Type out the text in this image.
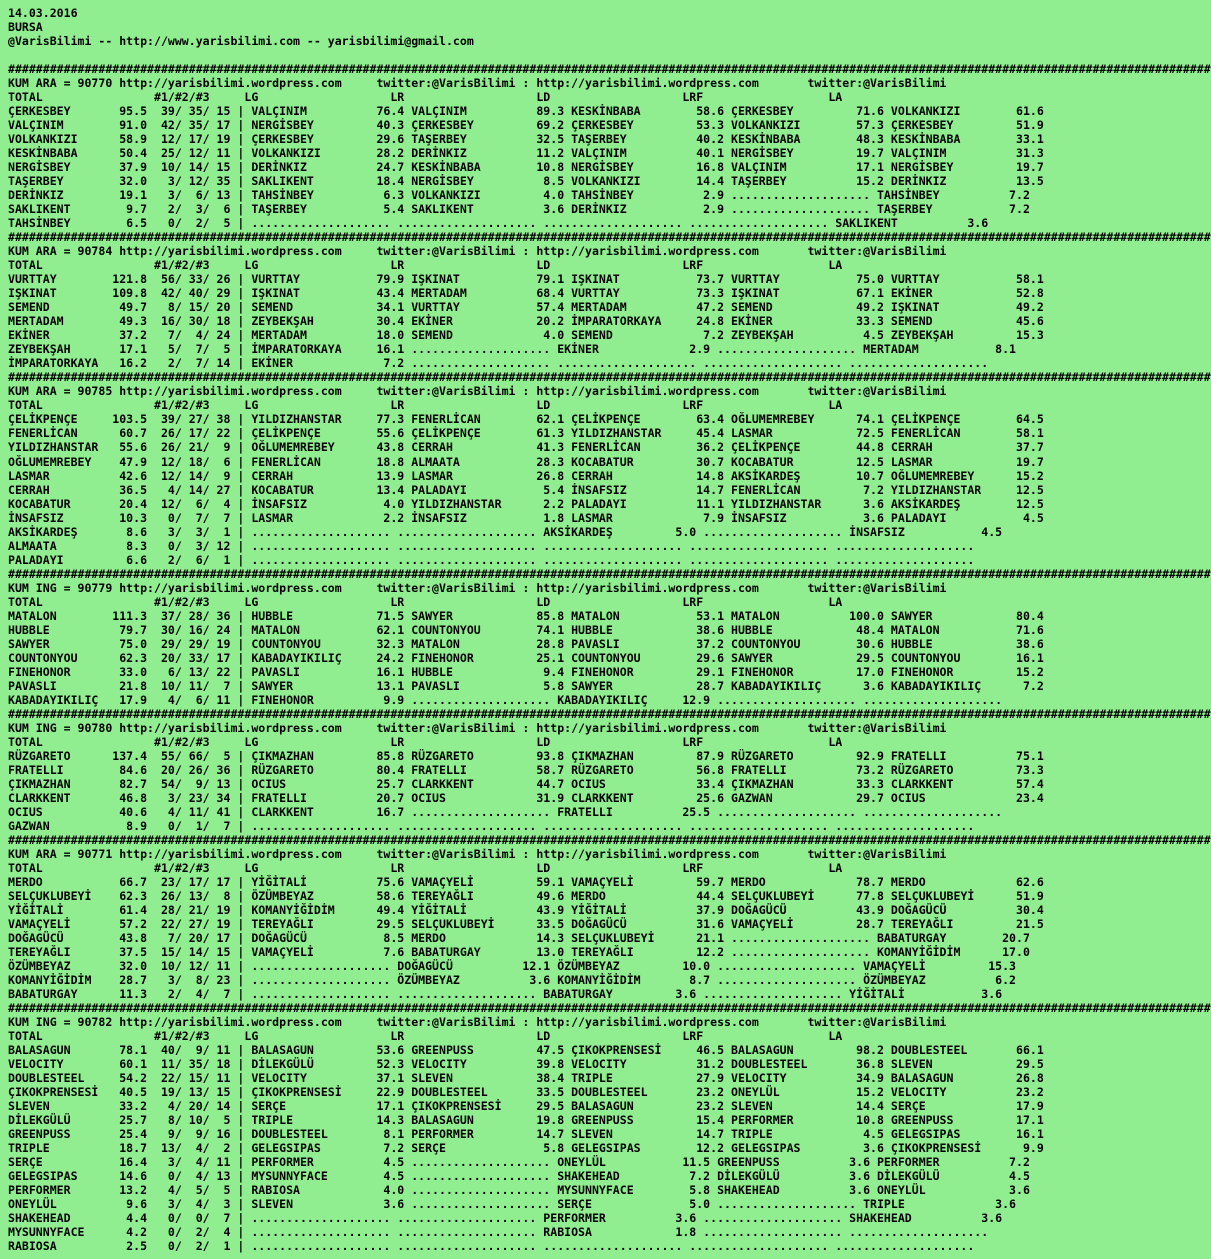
14.03.2016
BURSA
@VarisBilimi -- http://www.yarisbilimi.com -- yarisbilimi@gmail.com

#############################################################################################################################################################################
KUM ARA = 90770 http://yarisbilimi.wordpress.com     twitter:@VarisBilimi : http://yarisbilimi.wordpress.com       twitter:@VarisBilimi
TOTAL                #1/#2/#3     LG                   LR                   LD                   LRF                  LA
ÇERKESBEY       95.5  39/ 35/ 15 | VALÇINIM          76.4 VALÇINIM          89.3 KESKİNBABA        58.6 ÇERKESBEY         71.6 VOLKANKIZI        61.6
VALÇINIM        91.0  42/ 35/ 17 | NERGİSBEY         40.3 ÇERKESBEY         69.2 ÇERKESBEY         53.3 VOLKANKIZI        57.3 ÇERKESBEY         51.9
VOLKANKIZI      58.9  12/ 17/ 19 | ÇERKESBEY         29.6 TAŞERBEY          32.5 TAŞERBEY          40.2 KESKİNBABA        48.3 KESKİNBABA        33.1
KESKİNBABA      50.4  25/ 12/ 11 | VOLKANKIZI        28.2 DERİNKIZ          11.2 VALÇINIM          40.1 NERGİSBEY         19.7 VALÇINIM          31.3
NERGİSBEY       37.9  10/ 14/ 15 | DERİNKIZ          24.7 KESKİNBABA        10.8 NERGİSBEY         16.8 VALÇINIM          17.1 NERGİSBEY         19.7
TAŞERBEY        32.0   3/ 12/ 35 | SAKLIKENT         18.4 NERGİSBEY          8.5 VOLKANKIZI        14.4 TAŞERBEY          15.2 DERİNKIZ          13.5
DERİNKIZ        19.1   3/  6/ 13 | TAHSİNBEY          6.3 VOLKANKIZI         4.0 TAHSİNBEY          2.9 .................... TAHSİNBEY          7.2
SAKLIKENT        9.7   2/  3/  6 | TAŞERBEY           5.4 SAKLIKENT          3.6 DERİNKIZ           2.9 .................... TAŞERBEY           7.2
TAHSİNBEY        6.5   0/  2/  5 | .................... .................... .................... .................... SAKLIKENT          3.6
#############################################################################################################################################################################
KUM ARA = 90784 http://yarisbilimi.wordpress.com     twitter:@VarisBilimi : http://yarisbilimi.wordpress.com       twitter:@VarisBilimi
TOTAL                #1/#2/#3     LG                   LR                   LD                   LRF                  LA
VURTTAY        121.8  56/ 33/ 26 | VURTTAY           79.9 IŞKINAT           79.1 IŞKINAT           73.7 VURTTAY           75.0 VURTTAY           58.1
IŞKINAT        109.8  42/ 40/ 29 | IŞKINAT           43.4 MERTADAM          68.4 VURTTAY           73.3 IŞKINAT           67.1 EKİNER            52.8
SEMEND          49.7   8/ 15/ 20 | SEMEND            34.1 VURTTAY           57.4 MERTADAM          47.2 SEMEND            49.2 IŞKINAT           49.2
MERTADAM        49.3  16/ 30/ 18 | ZEYBEKŞAH         30.4 EKİNER            20.2 İMPARATORKAYA     24.8 EKİNER            33.3 SEMEND            45.6
EKİNER          37.2   7/  4/ 24 | MERTADAM          18.0 SEMEND             4.0 SEMEND             7.2 ZEYBEKŞAH          4.5 ZEYBEKŞAH         15.3
ZEYBEKŞAH       17.1   5/  7/  5 | İMPARATORKAYA     16.1 .................... EKİNER             2.9 .................... MERTADAM           8.1
İMPARATORKAYA   16.2   2/  7/ 14 | EKİNER             7.2 .................... .................... .................... ....................
#############################################################################################################################################################################
KUM ARA = 90785 http://yarisbilimi.wordpress.com     twitter:@VarisBilimi : http://yarisbilimi.wordpress.com       twitter:@VarisBilimi
TOTAL                #1/#2/#3     LG                   LR                   LD                   LRF                  LA
ÇELİKPENÇE     103.5  39/ 27/ 38 | YILDIZHANSTAR     77.3 FENERLİCAN        62.1 ÇELİKPENÇE        63.4 OĞLUMEMREBEY      74.1 ÇELİKPENÇE        64.5
FENERLİCAN      60.7  26/ 17/ 22 | ÇELİKPENÇE        55.6 ÇELİKPENÇE        61.3 YILDIZHANSTAR     45.4 LASMAR            72.5 FENERLİCAN        58.1
YILDIZHANSTAR   55.6  26/ 21/  9 | OĞLUMEMREBEY      43.8 CERRAH            41.3 FENERLİCAN        36.2 ÇELİKPENÇE        44.8 CERRAH            37.7
OĞLUMEMREBEY    47.9  12/ 18/  6 | FENERLİCAN        18.8 ALMAATA           28.3 KOCABATUR         30.7 KOCABATUR         12.5 LASMAR            19.7
LASMAR          42.6  12/ 14/  9 | CERRAH            13.9 LASMAR            26.8 CERRAH            14.8 AKSİKARDEŞ        10.7 OĞLUMEMREBEY      15.2
CERRAH          36.5   4/ 14/ 27 | KOCABATUR         13.4 PALADAYI           5.4 İNSAFSIZ          14.7 FENERLİCAN         7.2 YILDIZHANSTAR     12.5
KOCABATUR       20.4  12/  6/  4 | İNSAFSIZ           4.0 YILDIZHANSTAR      2.2 PALADAYI          11.1 YILDIZHANSTAR      3.6 AKSİKARDEŞ        12.5
İNSAFSIZ        10.3   0/  7/  7 | LASMAR             2.2 İNSAFSIZ           1.8 LASMAR             7.9 İNSAFSIZ           3.6 PALADAYI           4.5
AKSİKARDEŞ       8.6   3/  3/  1 | .................... .................... AKSİKARDEŞ         5.0 .................... İNSAFSIZ           4.5
ALMAATA          8.3   0/  3/ 12 | .................... .................... .................... .................... ....................
PALADAYI         6.6   2/  6/  1 | .................... .................... .................... .................... ....................
#############################################################################################################################################################################
KUM ING = 90779 http://yarisbilimi.wordpress.com     twitter:@VarisBilimi : http://yarisbilimi.wordpress.com       twitter:@VarisBilimi
TOTAL                #1/#2/#3     LG                   LR                   LD                   LRF                  LA
MATALON        111.3  37/ 28/ 36 | HUBBLE            71.5 SAWYER            85.8 MATALON           53.1 MATALON          100.0 SAWYER            80.4
HUBBLE          79.7  30/ 16/ 24 | MATALON           62.1 COUNTONYOU        74.1 HUBBLE            38.6 HUBBLE            48.4 MATALON           71.6
SAWYER          75.0  29/ 29/ 19 | COUNTONYOU        32.3 MATALON           28.8 PAVASLI           37.2 COUNTONYOU        30.6 HUBBLE            38.6
COUNTONYOU      62.3  20/ 33/ 17 | KABADAYIKILIÇ     24.2 FINEHONOR         25.1 COUNTONYOU        29.6 SAWYER            29.5 COUNTONYOU        16.1
FINEHONOR       33.0   6/ 13/ 22 | PAVASLI           16.1 HUBBLE             9.4 FINEHONOR         29.1 FINEHONOR         17.0 FINEHONOR         15.2
PAVASLI         21.8  10/ 11/  7 | SAWYER            13.1 PAVASLI            5.8 SAWYER            28.7 KABADAYIKILIÇ      3.6 KABADAYIKILIÇ      7.2
KABADAYIKILIÇ   17.9   4/  6/ 11 | FINEHONOR          9.9 .................... KABADAYIKILIÇ     12.9 .................... ....................
#############################################################################################################################################################################
KUM ING = 90780 http://yarisbilimi.wordpress.com     twitter:@VarisBilimi : http://yarisbilimi.wordpress.com       twitter:@VarisBilimi
TOTAL                #1/#2/#3     LG                   LR                   LD                   LRF                  LA
RÜZGARETO      137.4  55/ 66/  5 | ÇIKMAZHAN         85.8 RÜZGARETO         93.8 ÇIKMAZHAN         87.9 RÜZGARETO         92.9 FRATELLI          75.1
FRATELLI        84.6  20/ 26/ 36 | RÜZGARETO         80.4 FRATELLI          58.7 RÜZGARETO         56.8 FRATELLI          73.2 RÜZGARETO         73.3
ÇIKMAZHAN       82.7  54/  9/ 13 | OCIUS             25.7 CLARKKENT         44.7 OCIUS             33.4 ÇIKMAZHAN         33.3 CLARKKENT         57.4
CLARKKENT       46.8   3/ 23/ 34 | FRATELLI          20.7 OCIUS             31.9 CLARKKENT         25.6 GAZWAN            29.7 OCIUS             23.4
OCIUS           40.6   4/ 11/ 41 | CLARKKENT         16.7 .................... FRATELLI          25.5 .................... ....................
GAZWAN           8.9   0/  1/  7 | .................... .................... .................... .................... ....................
#############################################################################################################################################################################
KUM ARA = 90771 http://yarisbilimi.wordpress.com     twitter:@VarisBilimi : http://yarisbilimi.wordpress.com       twitter:@VarisBilimi
TOTAL                #1/#2/#3     LG                   LR                   LD                   LRF                  LA
MERDO           66.7  23/ 17/ 17 | YİĞİTALİ          75.6 VAMAÇYELİ         59.1 VAMAÇYELİ         59.7 MERDO             78.7 MERDO             62.6
SELÇUKLUBEYİ    62.3  26/ 13/  8 | ÖZÜMBEYAZ         58.6 TEREYAĞLI         49.6 MERDO             44.4 SELÇUKLUBEYİ      77.8 SELÇUKLUBEYİ      51.9
YİĞİTALİ        61.4  28/ 21/ 19 | KOMANYİĞİDİM      49.4 YİĞİTALİ          43.9 YİĞİTALİ          37.9 DOĞAGÜCÜ          43.9 DOĞAGÜCÜ          30.4
VAMAÇYELİ       57.2  22/ 27/ 19 | TEREYAĞLI         29.5 SELÇUKLUBEYİ      33.5 DOĞAGÜCÜ          31.6 VAMAÇYELİ         28.7 TEREYAĞLI         21.5
DOĞAGÜCÜ        43.8   7/ 20/ 17 | DOĞAGÜCÜ           8.5 MERDO             14.3 SELÇUKLUBEYİ      21.1 .................... BABATURGAY        20.7
TEREYAĞLI       37.5  15/ 14/ 15 | VAMAÇYELİ          7.6 BABATURGAY        13.0 TEREYAĞLI         12.2 .................... KOMANYİĞİDİM      17.0
ÖZÜMBEYAZ       32.0  10/ 12/ 11 | .................... DOĞAGÜCÜ          12.1 ÖZÜMBEYAZ         10.0 .................... VAMAÇYELİ         15.3
KOMANYİĞİDİM    28.7   3/  8/ 23 | .................... ÖZÜMBEYAZ          3.6 KOMANYİĞİDİM       8.7 .................... ÖZÜMBEYAZ          6.2
BABATURGAY      11.3   2/  4/  7 | .................... .................... BABATURGAY         3.6 .................... YİĞİTALİ           3.6
#############################################################################################################################################################################
KUM ING = 90782 http://yarisbilimi.wordpress.com     twitter:@VarisBilimi : http://yarisbilimi.wordpress.com       twitter:@VarisBilimi
TOTAL                #1/#2/#3     LG                   LR                   LD                   LRF                  LA
BALASAGUN       78.1  40/  9/ 11 | BALASAGUN         53.6 GREENPUSS         47.5 ÇIKOKPRENSESİ     46.5 BALASAGUN         98.2 DOUBLESTEEL       66.1
VELOCITY        60.1  11/ 35/ 18 | DİLEKGÜLÜ         52.3 VELOCITY          39.8 VELOCITY          31.2 DOUBLESTEEL       36.8 SLEVEN            29.5
DOUBLESTEEL     54.2  22/ 15/ 11 | VELOCITY          37.1 SLEVEN            38.4 TRIPLE            27.9 VELOCITY          34.9 BALASAGUN         26.8
ÇIKOKPRENSESİ   40.5  19/ 13/ 15 | ÇIKOKPRENSESİ     22.9 DOUBLESTEEL       33.5 DOUBLESTEEL       23.2 ONEYLÜL           15.2 VELOCITY          23.2
SLEVEN          33.2   4/ 20/ 14 | SERÇE             17.1 ÇIKOKPRENSESİ     29.5 BALASAGUN         23.2 SLEVEN            14.4 SERÇE             17.9
DİLEKGÜLÜ       25.7   8/ 10/  5 | TRIPLE            14.3 BALASAGUN         19.8 GREENPUSS         15.4 PERFORMER         10.8 GREENPUSS         17.1
GREENPUSS       25.4   9/  9/ 16 | DOUBLESTEEL        8.1 PERFORMER         14.7 SLEVEN            14.7 TRIPLE             4.5 GELEGSIPAS        16.1
TRIPLE          18.7  13/  4/  2 | GELEGSIPAS         7.2 SERÇE              5.8 GELEGSIPAS        12.2 GELEGSIPAS         3.6 ÇIKOKPRENSESİ      9.9
SERÇE           16.4   3/  4/ 11 | PERFORMER          4.5 .................... ONEYLÜL           11.5 GREENPUSS          3.6 PERFORMER          7.2
GELEGSIPAS      14.6   0/  4/ 13 | MYSUNNYFACE        4.5 .................... SHAKEHEAD          7.2 DİLEKGÜLÜ          3.6 DİLEKGÜLÜ          4.5
PERFORMER       13.2   4/  5/  5 | RABIOSA            4.0 .................... MYSUNNYFACE        5.8 SHAKEHEAD          3.6 ONEYLÜL            3.6
ONEYLÜL          9.6   3/  4/  3 | SLEVEN             3.6 .................... SERÇE              5.0 .................... TRIPLE             3.6
SHAKEHEAD        4.4   0/  0/  7 | .................... .................... PERFORMER          3.6 .................... SHAKEHEAD          3.6
MYSUNNYFACE      4.2   0/  2/  4 | .................... .................... RABIOSA            1.8 .................... ....................
RABIOSA          2.5   0/  2/  1 | .................... .................... .................... .................... ....................
